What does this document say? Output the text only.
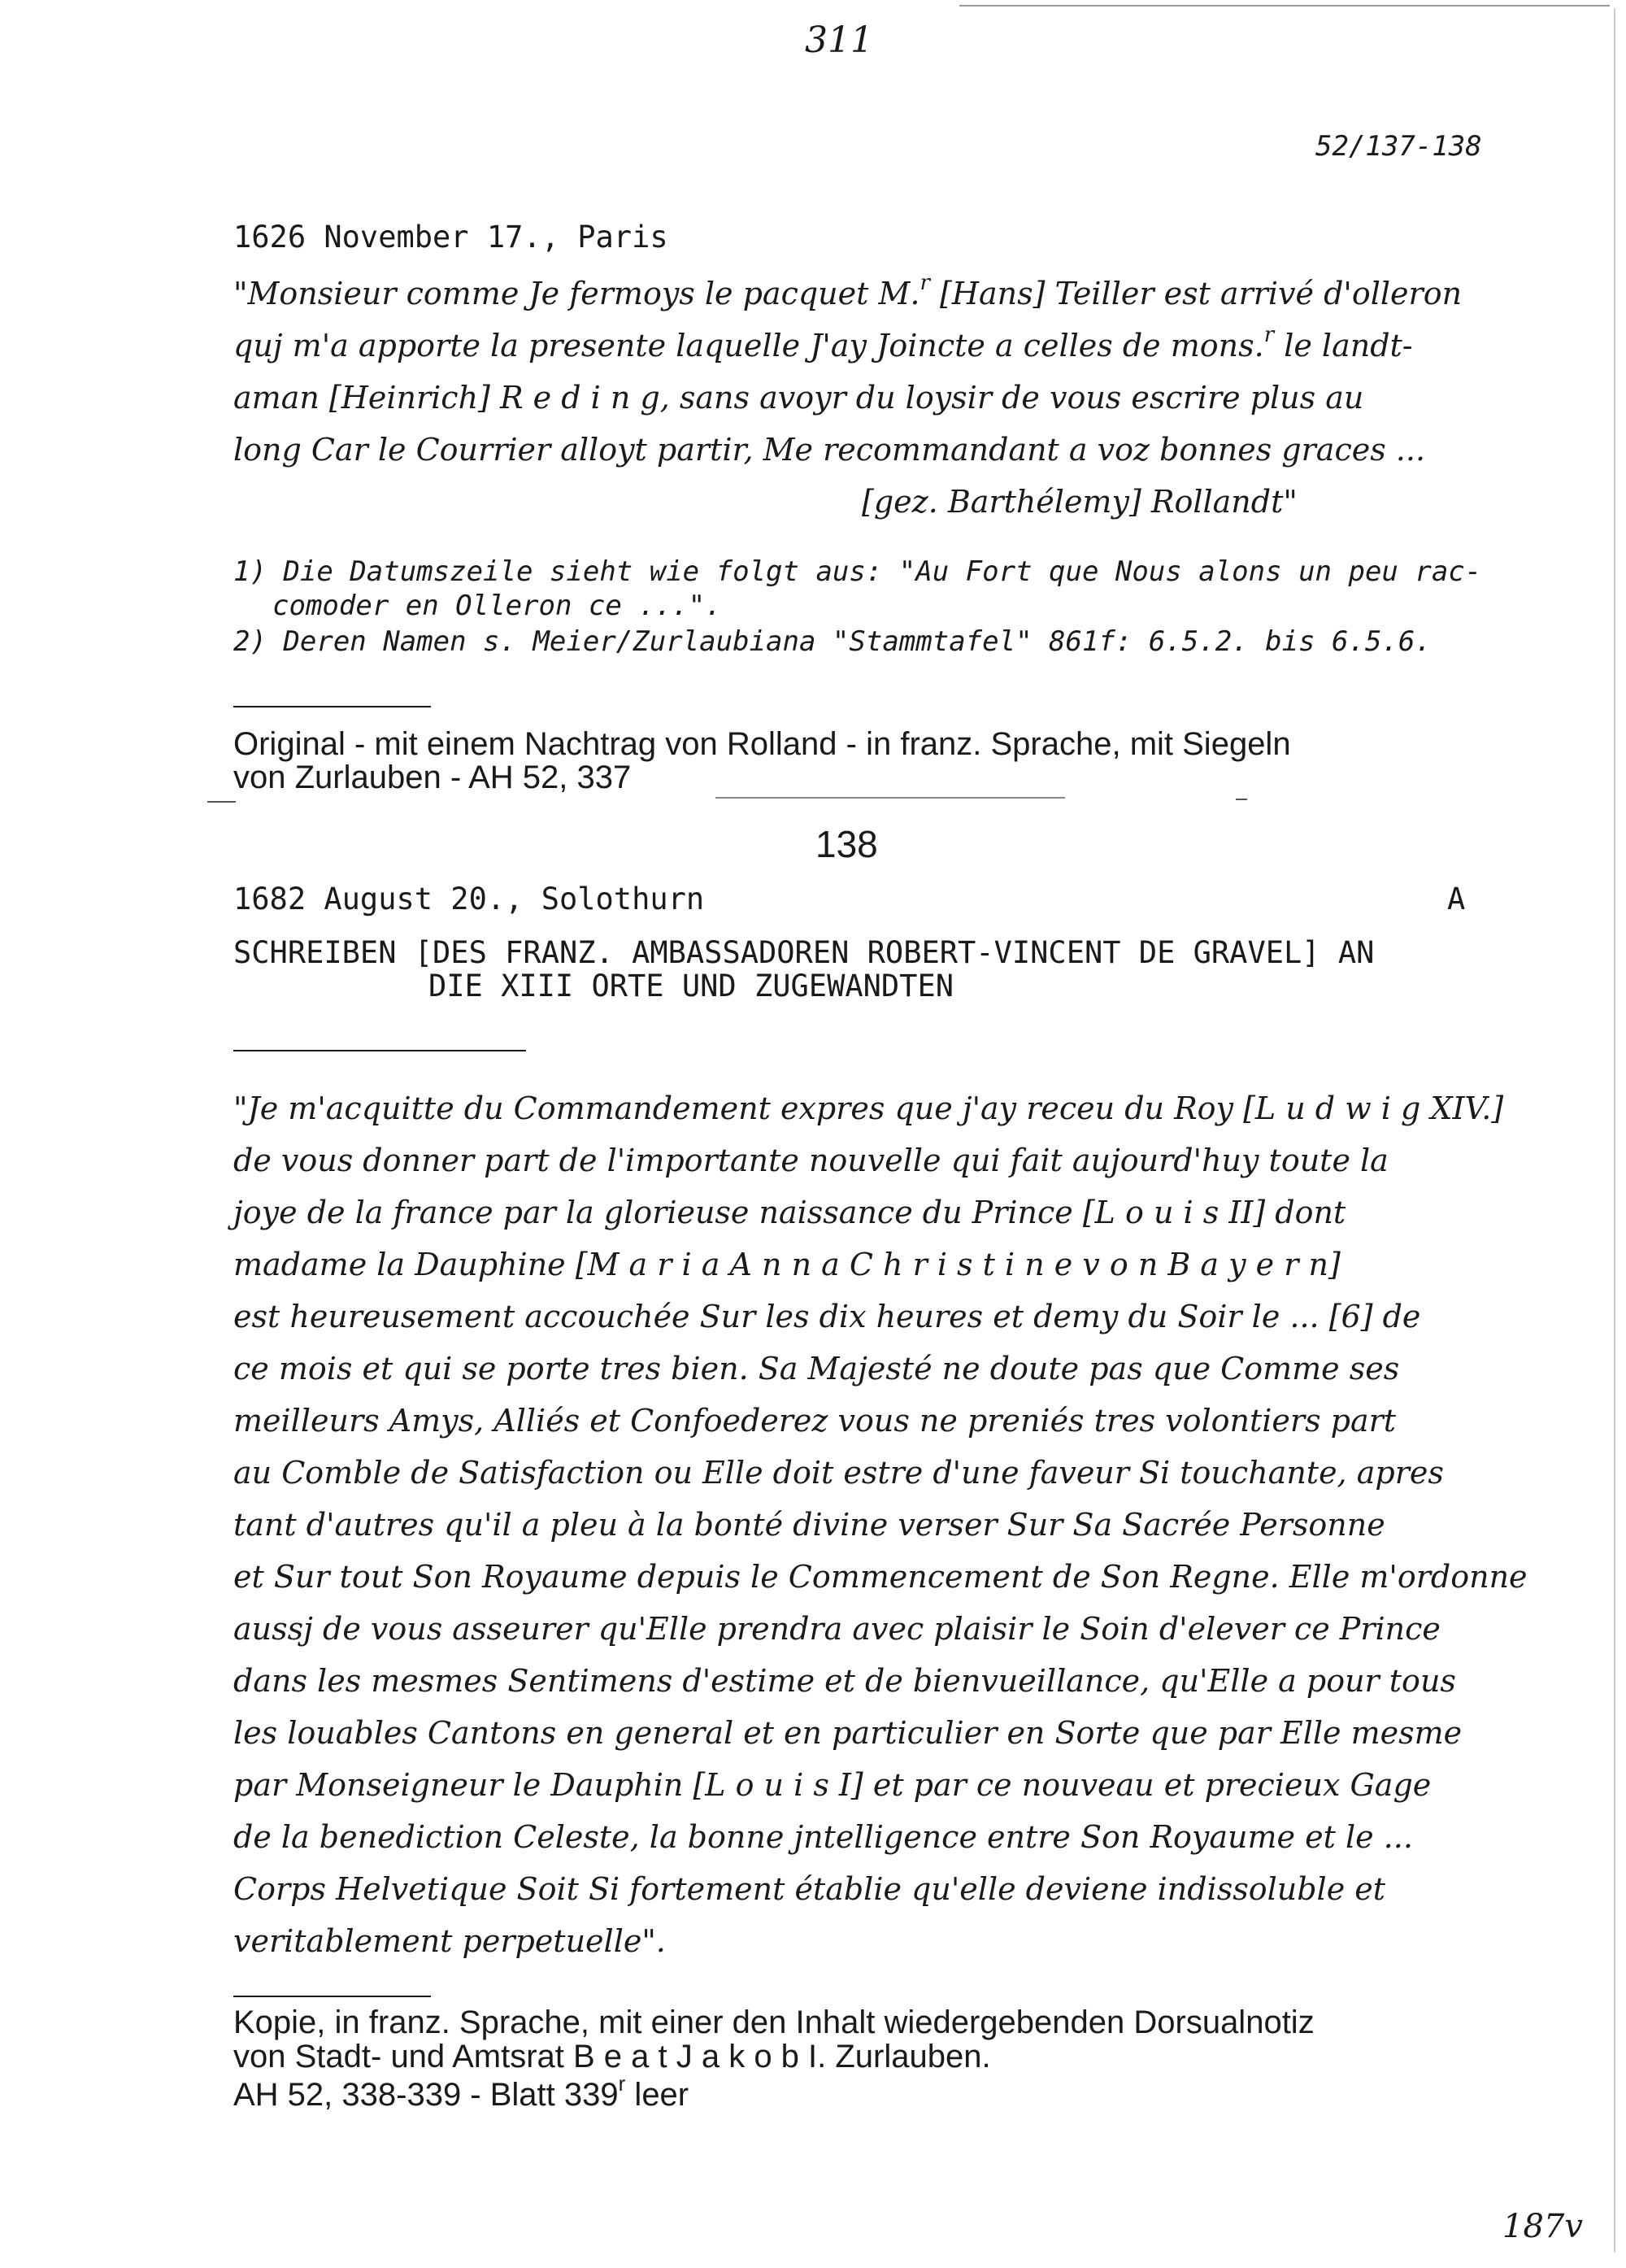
311
52/137-138
1626 November 17., Paris
"Monsieur comme Je fermoys le pacquet M.$^r$ [Hans] Teiller est arrivé d'olleron
quj m'a apporte la presente laquelle J'ay Joincte a celles de mons.$^r$ le landt-
aman [Heinrich] R e d i n g, sans avoyr du loysir de vous escrire plus au
long Car le Courrier alloyt partir, Me recommandant a voz bonnes graces ...
[gez. Barthélemy] Rollandt"
1) Die Datumszeile sieht wie folgt aus: "Au Fort que Nous alons un peu rac-
comoder en Olleron ce ...".
2) Deren Namen s. Meier/Zurlaubiana "Stammtafel" 861f: 6.5.2. bis 6.5.6.
Original - mit einem Nachtrag von Rolland - in franz. Sprache, mit Siegeln
von Zurlauben - AH 52, 337
138
1682 August 20., Solothurn	A
SCHREIBEN [DES FRANZ. AMBASSADOREN ROBERT-VINCENT DE GRAVEL] AN
DIE XIII ORTE UND ZUGEWANDTEN
"Je m'acquitte du Commandement expres que j'ay receu du Roy [L u d w i g XIV.]
de vous donner part de l'importante nouvelle qui fait aujourd'huy toute la
joye de la france par la glorieuse naissance du Prince [L o u i s II] dont
madame la Dauphine [M a r i a A n n a C h r i s t i n e v o n B a y e r n]
est heureusement accouchée Sur les dix heures et demy du Soir le ... [6] de
ce mois et qui se porte tres bien. Sa Majesté ne doute pas que Comme ses
meilleurs Amys, Alliés et Confoederez vous ne preniés tres volontiers part
au Comble de Satisfaction ou Elle doit estre d'une faveur Si touchante, apres
tant d'autres qu'il a pleu à la bonté divine verser Sur Sa Sacrée Personne
et Sur tout Son Royaume depuis le Commencement de Son Regne. Elle m'ordonne
aussj de vous asseurer qu'Elle prendra avec plaisir le Soin d'elever ce Prince
dans les mesmes Sentimens d'estime et de bienvueillance, qu'Elle a pour tous
les louables Cantons en general et en particulier en Sorte que par Elle mesme
par Monseigneur le Dauphin [L o u i s I] et par ce nouveau et precieux Gage
de la benediction Celeste, la bonne jntelligence entre Son Royaume et le ...
Corps Helvetique Soit Si fortement établie qu'elle deviene indissoluble et
veritablement perpetuelle".
Kopie, in franz. Sprache, mit einer den Inhalt wiedergebenden Dorsualnotiz
von Stadt- und Amtsrat B e a t J a k o b I. Zurlauben.
AH 52, 338-339 - Blatt 339$^r$ leer
187v
